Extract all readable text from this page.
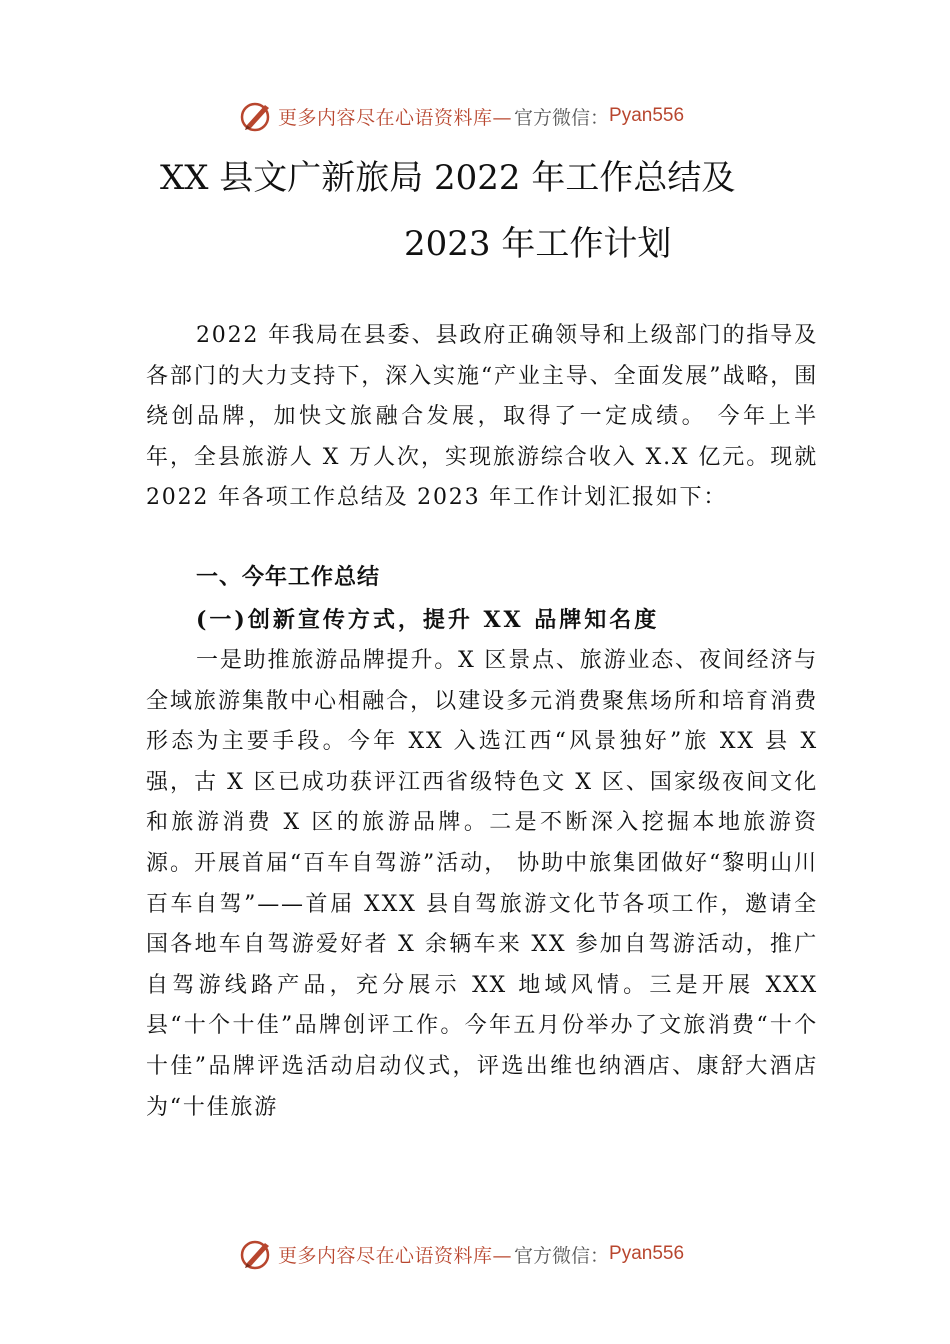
更多内容尽在心语资料库— 官方微信： Pyan556
XX 县文广新旅局 2022 年工作总结及
2023 年工作计划
2022 年我局在县委、县政府正确领导和上级部门的指导及各部门的大力支持下，深入实施“产业主导、全面发展”战略，围绕创品牌，加快文旅融合发展，取得了一定成绩。 今年上半年，全县旅游人 X 万人次，实现旅游综合收入 X.X 亿元。现就 2022 年各项工作总结及 2023 年工作计划汇报如下：
一、今年工作总结
(一)创新宣传方式，提升 XX 品牌知名度
一是助推旅游品牌提升。X 区景点、旅游业态、夜间经济与全域旅游集散中心相融合，以建设多元消费聚焦场所和培育消费形态为主要手段。今年 XX 入选江西“风景独好”旅 XX 县 X 强，古 X 区已成功获评江西省级特色文 X 区、国家级夜间文化和旅游消费 X 区的旅游品牌。二是不断深入挖掘本地旅游资源。开展首届“百车自驾游”活动， 协助中旅集团做好“黎明山川 百车自驾”——首届 XXX 县自驾旅游文化节各项工作，邀请全国各地车自驾游爱好者 X 余辆车来 XX 参加自驾游活动，推广自驾游线路产品，充分展示 XX 地域风情。三是开展 XXX 县“十个十佳”品牌创评工作。今年五月份举办了文旅消费“十个十佳”品牌评选活动启动仪式，评选出维也纳酒店、康舒大酒店为“十佳旅游
更多内容尽在心语资料库— 官方微信： Pyan556
